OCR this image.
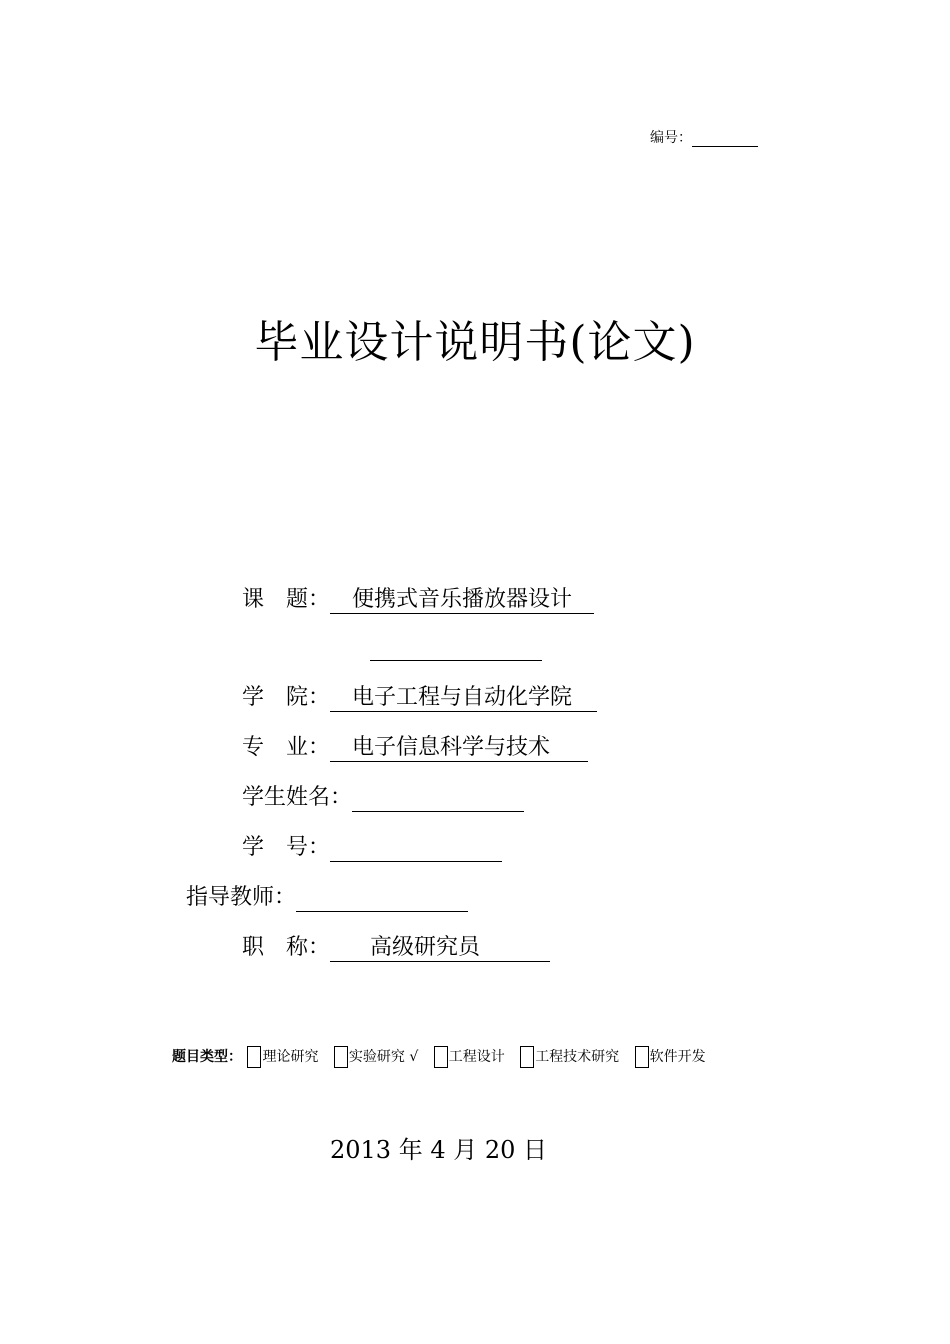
编号：
毕业设计说明书(论文)
课　题： 便携式音乐播放器设计
学　院： 电子工程与自动化学院
专　业： 电子信息科学与技术
学生姓名：
学　号：
指导教师：
职　称： 高级研究员
题目类型： 理论研究 实验研究 √ 工程设计 工程技术研究 软件开发
2013 年 4 月 20 日
